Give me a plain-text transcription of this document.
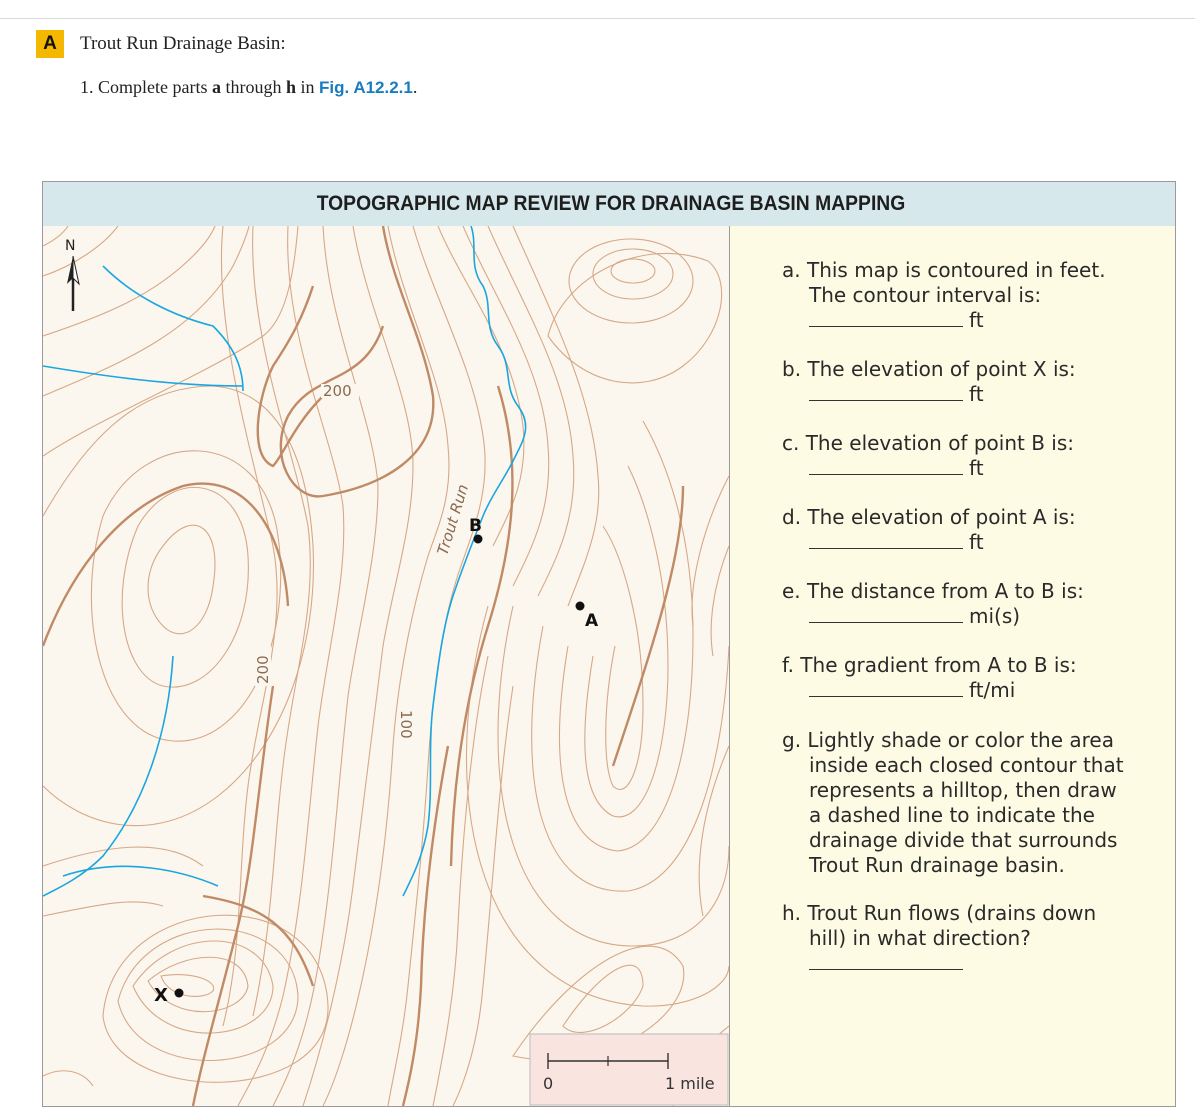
A	Trout Run Drainage Basin:
1. Complete parts a through h in Fig. A12.2.1.
TOPOGRAPHIC MAP REVIEW FOR DRAINAGE BASIN MAPPING
0	1 mile
N
200
200
100
Trout Run
B
A
X
a. This map is contoured in feet.
The contour interval is:
ft
b. The elevation of point X is:
ft
c. The elevation of point B is:
ft
d. The elevation of point A is:
ft
e. The distance from A to B is:
mi(s)
f. The gradient from A to B is:
ft/mi
g. Lightly shade or color the area
inside each closed contour that
represents a hilltop, then draw
a dashed line to indicate the
drainage divide that surrounds
Trout Run drainage basin.
h. Trout Run flows (drains down
hill) in what direction?
